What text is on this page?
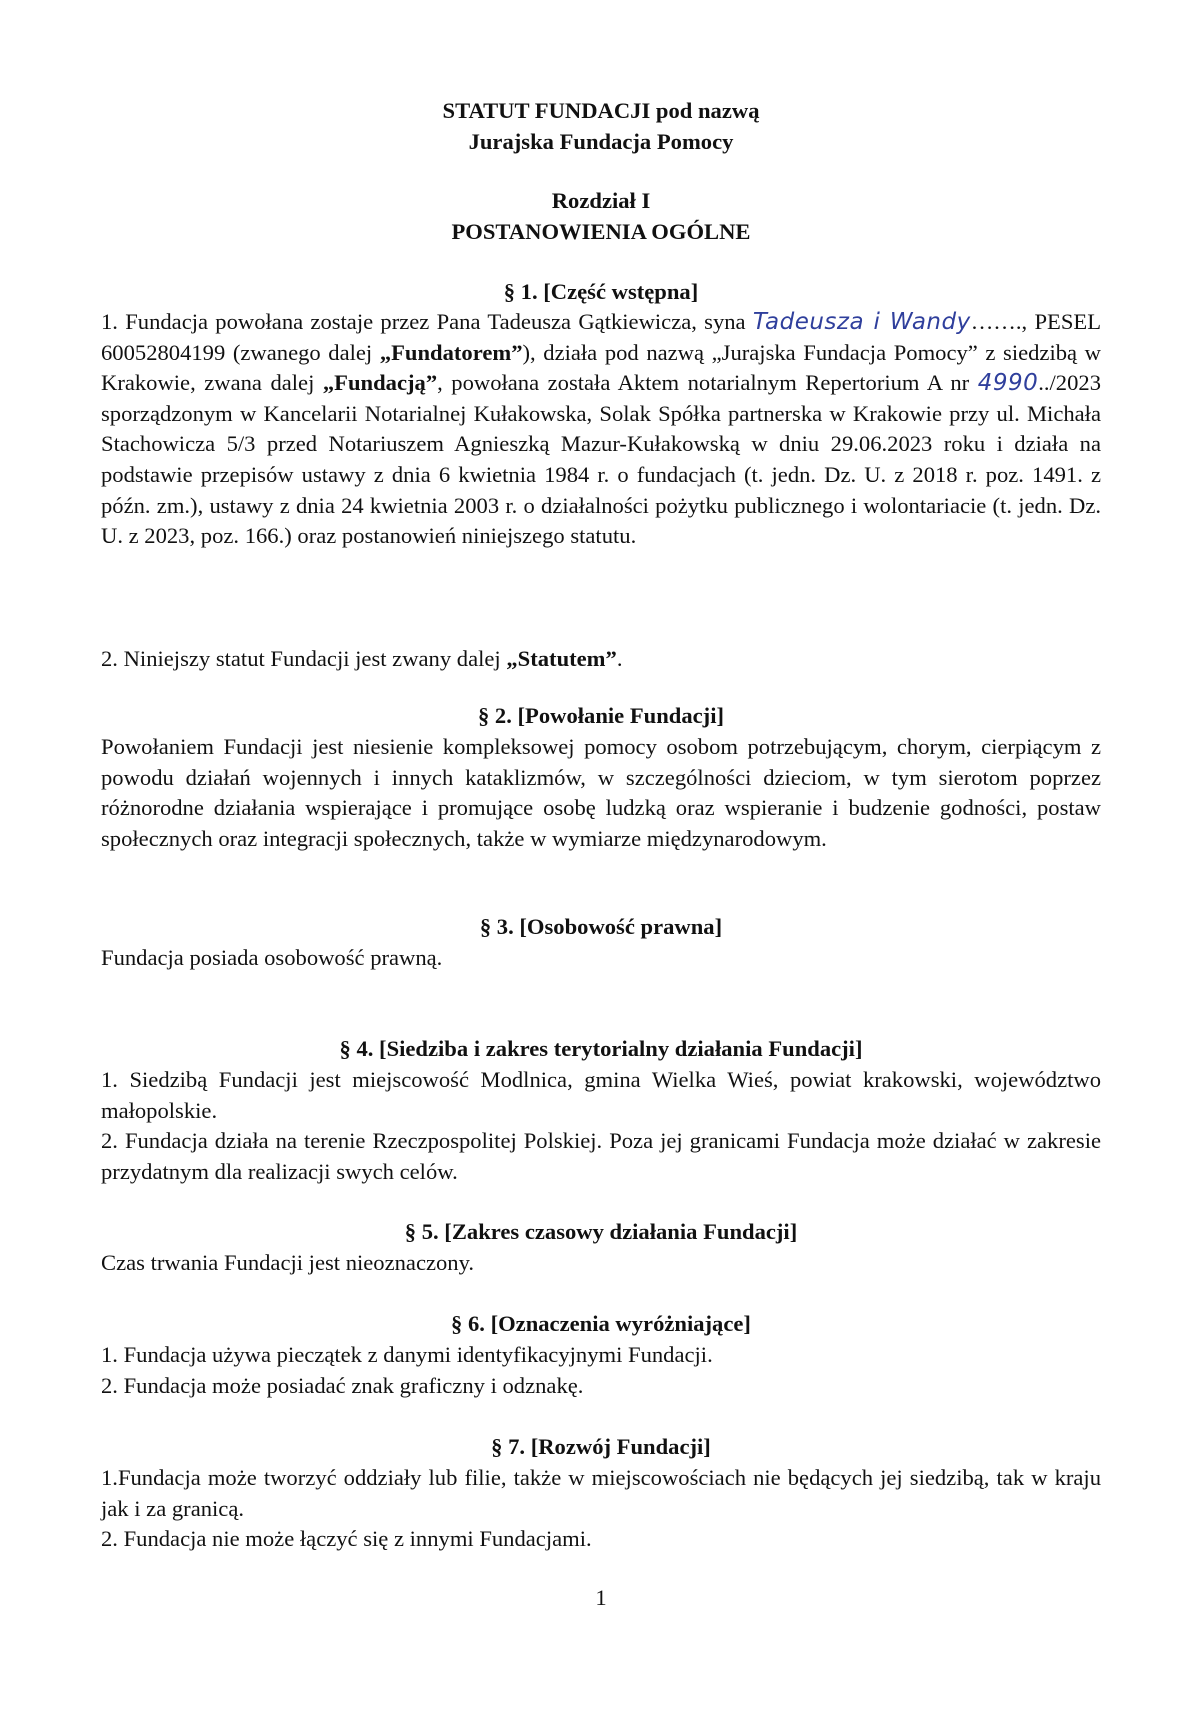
STATUT FUNDACJI pod nazwą
Jurajska Fundacja Pomocy
Rozdział I
POSTANOWIENIA OGÓLNE
§ 1. [Część wstępna]
1. Fundacja powołana zostaje przez Pana Tadeusza Gątkiewicza, syna Tadeusza i Wandy……., PESEL 60052804199 (zwanego dalej „Fundatorem”), działa pod nazwą „Jurajska Fundacja Pomocy” z siedzibą w Krakowie, zwana dalej „Fundacją”, powołana została Aktem notarialnym Repertorium A nr 4990../2023 sporządzonym w Kancelarii Notarialnej Kułakowska, Solak Spółka partnerska w Krakowie przy ul. Michała Stachowicza 5/3 przed Notariuszem Agnieszką Mazur-Kułakowską w dniu 29.06.2023 roku i działa na podstawie przepisów ustawy z dnia 6 kwietnia 1984 r. o fundacjach (t. jedn. Dz. U. z 2018 r. poz. 1491. z późn. zm.), ustawy z dnia 24 kwietnia 2003 r. o działalności pożytku publicznego i wolontariacie (t. jedn. Dz. U. z 2023, poz. 166.) oraz postanowień niniejszego statutu.
2. Niniejszy statut Fundacji jest zwany dalej „Statutem”.
§ 2. [Powołanie Fundacji]
Powołaniem Fundacji jest niesienie kompleksowej pomocy osobom potrzebującym, chorym, cierpiącym z powodu działań wojennych i innych kataklizmów, w szczególności dzieciom, w tym sierotom poprzez różnorodne działania wspierające i promujące osobę ludzką oraz wspieranie i budzenie godności, postaw społecznych oraz integracji społecznych, także w wymiarze międzynarodowym.
§ 3. [Osobowość prawna]
Fundacja posiada osobowość prawną.
§ 4. [Siedziba i zakres terytorialny działania Fundacji]
1. Siedzibą Fundacji jest miejscowość Modlnica, gmina Wielka Wieś, powiat krakowski, województwo małopolskie.
2. Fundacja działa na terenie Rzeczpospolitej Polskiej. Poza jej granicami Fundacja może działać w zakresie przydatnym dla realizacji swych celów.
§ 5. [Zakres czasowy działania Fundacji]
Czas trwania Fundacji jest nieoznaczony.
§ 6. [Oznaczenia wyróżniające]
1. Fundacja używa pieczątek z danymi identyfikacyjnymi Fundacji.
2. Fundacja może posiadać znak graficzny i odznakę.
§ 7. [Rozwój Fundacji]
1.Fundacja może tworzyć oddziały lub filie, także w miejscowościach nie będących jej siedzibą, tak w kraju jak i za granicą.
2. Fundacja nie może łączyć się z innymi Fundacjami.
1
